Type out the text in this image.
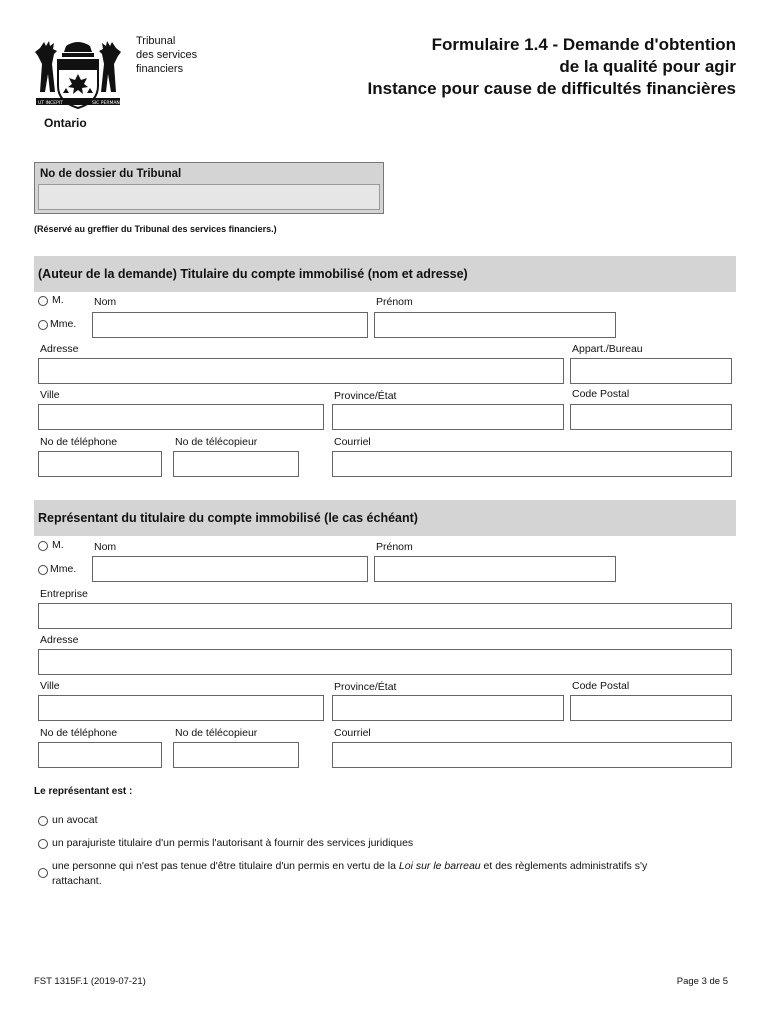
UT INCEPIT	SIC PERMANET
Ontario
Tribunal
des services
financiers
Formulaire 1.4 - Demande d'obtention
de la qualité pour agir
Instance pour cause de difficultés financières
No de dossier du Tribunal
(Réservé au greffier du Tribunal des services financiers.)
(Auteur de la demande) Titulaire du compte immobilisé (nom et adresse)
M.
Mme.
Nom	Prénom
Adresse	Appart./Bureau
Ville	Province/État	Code Postal
No de téléphone	No de télécopieur	Courriel
Représentant du titulaire du compte immobilisé (le cas échéant)
M.
Mme.
Nom	Prénom
Entreprise
Adresse
Ville	Province/État	Code Postal
No de téléphone	No de télécopieur	Courriel
Le représentant est :
un avocat
un parajuriste titulaire d'un permis l'autorisant à fournir des services juridiques
une personne qui n'est pas tenue d'être titulaire d'un permis en vertu de la Loi sur le barreau et des règlements administratifs s'y
rattachant.
FST 1315F.1 (2019-07-21)	Page 3 de 5
